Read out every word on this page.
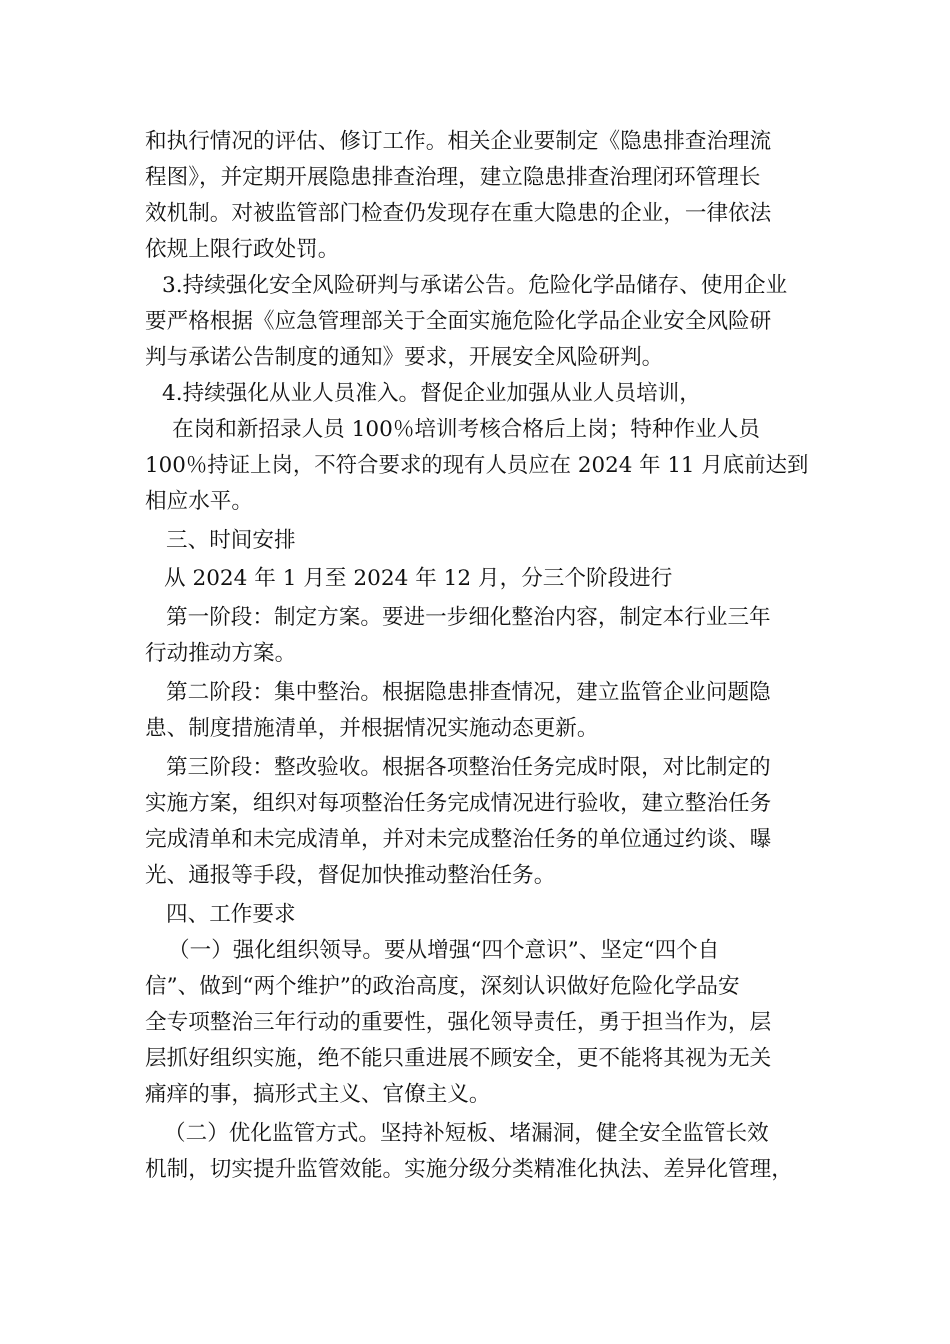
和执行情况的评估、修订工作。相关企业要制定《隐患排查治理流
程图》，并定期开展隐患排查治理，建立隐患排查治理闭环管理长
效机制。对被监管部门检查仍发现存在重大隐患的企业，一律依法
依规上限行政处罚。
3.持续强化安全风险研判与承诺公告。危险化学品储存、使用企业
要严格根据《应急管理部关于全面实施危险化学品企业安全风险研
判与承诺公告制度的通知》要求，开展安全风险研判。
4.持续强化从业人员准入。督促企业加强从业人员培训，
在岗和新招录人员 100％培训考核合格后上岗；特种作业人员
100％持证上岗，不符合要求的现有人员应在 2024 年 11 月底前达到
相应水平。
三、时间安排
从 2024 年 1 月至 2024 年 12 月，分三个阶段进行
第一阶段：制定方案。要进一步细化整治内容，制定本行业三年
行动推动方案。
第二阶段：集中整治。根据隐患排查情况，建立监管企业问题隐
患、制度措施清单，并根据情况实施动态更新。
第三阶段：整改验收。根据各项整治任务完成时限，对比制定的
实施方案，组织对每项整治任务完成情况进行验收，建立整治任务
完成清单和未完成清单，并对未完成整治任务的单位通过约谈、曝
光、通报等手段，督促加快推动整治任务。
四、工作要求
（一）强化组织领导。要从增强“四个意识”、坚定“四个自
信”、做到“两个维护”的政治高度，深刻认识做好危险化学品安
全专项整治三年行动的重要性，强化领导责任，勇于担当作为，层
层抓好组织实施，绝不能只重进展不顾安全，更不能将其视为无关
痛痒的事，搞形式主义、官僚主义。
（二）优化监管方式。坚持补短板、堵漏洞，健全安全监管长效
机制，切实提升监管效能。实施分级分类精准化执法、差异化管理，
